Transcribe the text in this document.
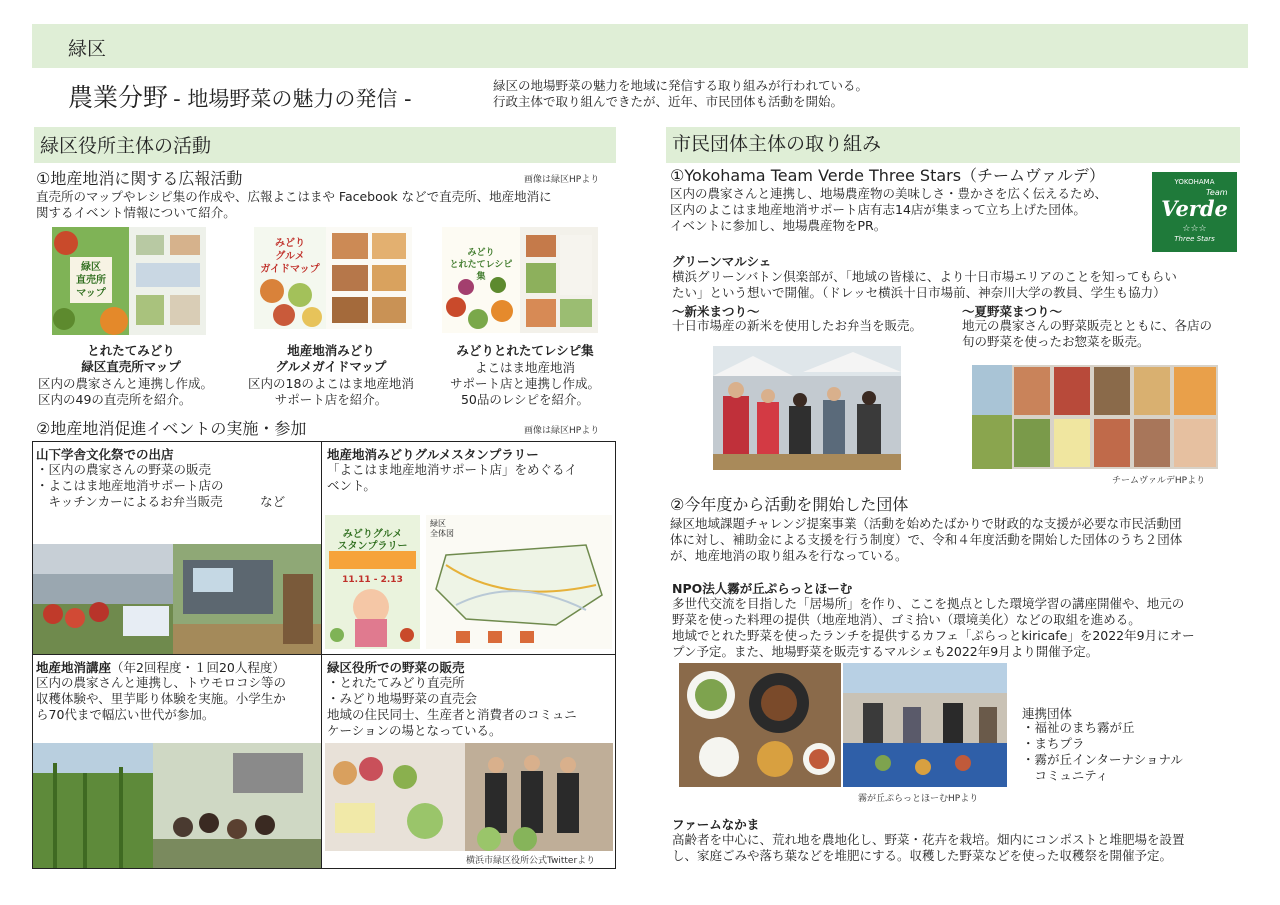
緑区
農業分野 - 地場野菜の魅力の発信 -
緑区の地場野菜の魅力を地域に発信する取り組みが行われている。
行政主体で取り組んできたが、近年、市民団体も活動を開始。
緑区役所主体の活動
①地産地消に関する広報活動	画像は緑区HPより
直売所のマップやレシピ集の作成や、広報よこはまや Facebook などで直売所、地産地消に
関するイベント情報について紹介。
緑区
直売所
マップ
みどり
グルメ
ガイドマップ
みどり
とれたてレシピ集
とれたてみどり
緑区直売所マップ
区内の農家さんと連携し作成。
区内の49の直売所を紹介。
地産地消みどり
グルメガイドマップ
区内の18のよこはま地産地消
サポート店を紹介。
みどりとれたてレシピ集
よこはま地産地消
サポート店と連携し作成。
50品のレシピを紹介。
②地産地消促進イベントの実施・参加	画像は緑区HPより
山下学舎文化祭での出店
・区内の農家さんの野菜の販売
・よこはま地産地消サポート店の
　キッチンカーによるお弁当販売　　　など
地産地消みどりグルメスタンプラリー
「よこはま地産地消サポート店」をめぐるイ
ベント。
みどりグルメ
スタンプラリー
11.11 - 2.13
緑区
全体図
地産地消講座（年2回程度・１回20人程度）
区内の農家さんと連携し、トウモロコシ等の
収穫体験や、里芋彫り体験を実施。小学生か
ら70代まで幅広い世代が参加。
緑区役所での野菜の販売
・とれたてみどり直売所
・みどり地場野菜の直売会
地域の住民同士、生産者と消費者のコミュニ
ケーションの場となっている。
横浜市緑区役所公式Twitterより
市民団体主体の取り組み
①Yokohama Team Verde Three Stars（チームヴァルデ）
区内の農家さんと連携し、地場農産物の美味しさ・豊かさを広く伝えるため、
区内のよこはま地産地消サポート店有志14店が集まって立ち上げた団体。
イベントに参加し、地場農産物をPR。
YOKOHAMA
Team
Verde
☆☆☆
Three Stars
グリーンマルシェ
横浜グリーンバトン倶楽部が、「地域の皆様に、より十日市場エリアのことを知ってもらい
たい」という想いで開催。（ドレッセ横浜十日市場前、神奈川大学の教員、学生も協力）
～新米まつり～
十日市場産の新米を使用したお弁当を販売。
～夏野菜まつり～
地元の農家さんの野菜販売とともに、各店の
旬の野菜を使ったお惣菜を販売。
チームヴァルデHPより
②今年度から活動を開始した団体
緑区地域課題チャレンジ提案事業（活動を始めたばかりで財政的な支援が必要な市民活動団
体に対し、補助金による支援を行う制度）で、令和４年度活動を開始した団体のうち２団体
が、地産地消の取り組みを行なっている。
NPO法人霧が丘ぷらっとほーむ
多世代交流を目指した「居場所」を作り、ここを拠点とした環境学習の講座開催や、地元の
野菜を使った料理の提供（地産地消）、ゴミ拾い（環境美化）などの取組を進める。
地域でとれた野菜を使ったランチを提供するカフェ「ぷらっとkiricafe」を2022年9月にオー
プン予定。また、地場野菜を販売するマルシェも2022年9月より開催予定。
霧が丘ぷらっとほーむHPより
連携団体
・福祉のまち霧が丘
・まちプラ
・霧が丘インターナショナル
　コミュニティ
ファームなかま
高齢者を中心に、荒れ地を農地化し、野菜・花卉を栽培。畑内にコンポストと堆肥場を設置
し、家庭ごみや落ち葉などを堆肥にする。収穫した野菜などを使った収穫祭を開催予定。
